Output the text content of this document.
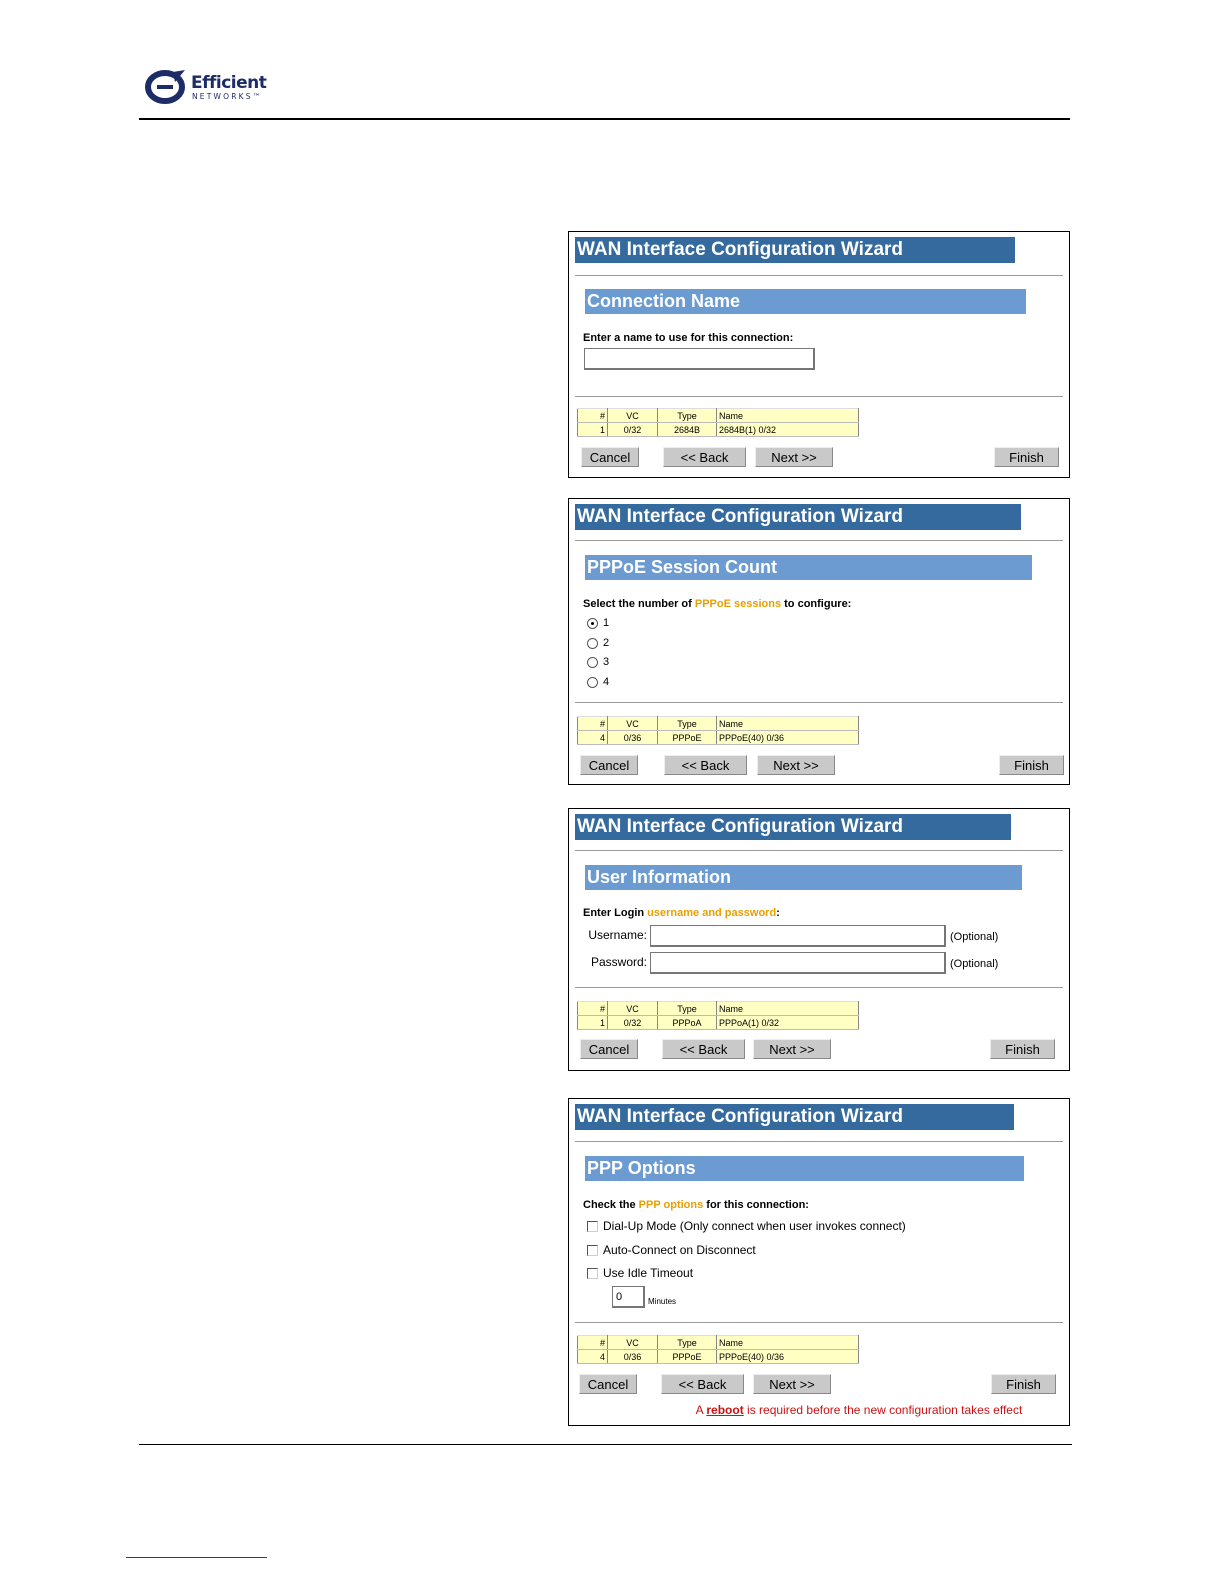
Efficient
NETWORKS™
WAN Interface Configuration Wizard
Connection Name
Enter a name to use for this connection:
#	VC	Type	Name
1	0/32	2684B	2684B(1) 0/32
Cancel	<< Back	Next >>	Finish
WAN Interface Configuration Wizard
PPPoE Session Count
Select the number of PPPoE sessions to configure:
1
2
3
4
#	VC	Type	Name
4	0/36	PPPoE	PPPoE(40) 0/36
Cancel	<< Back	Next >>	Finish
WAN Interface Configuration Wizard
User Information
Enter Login username and password:
Username:	(Optional)
Password:	(Optional)
#	VC	Type	Name
1	0/32	PPPoA	PPPoA(1) 0/32
Cancel	<< Back	Next >>	Finish
WAN Interface Configuration Wizard
PPP Options
Check the PPP options for this connection:
Dial-Up Mode (Only connect when user invokes connect)
Auto-Connect on Disconnect
Use Idle Timeout
0
Minutes
#	VC	Type	Name
4	0/36	PPPoE	PPPoE(40) 0/36
Cancel	<< Back	Next >>	Finish
A reboot is required before the new configuration takes effect
